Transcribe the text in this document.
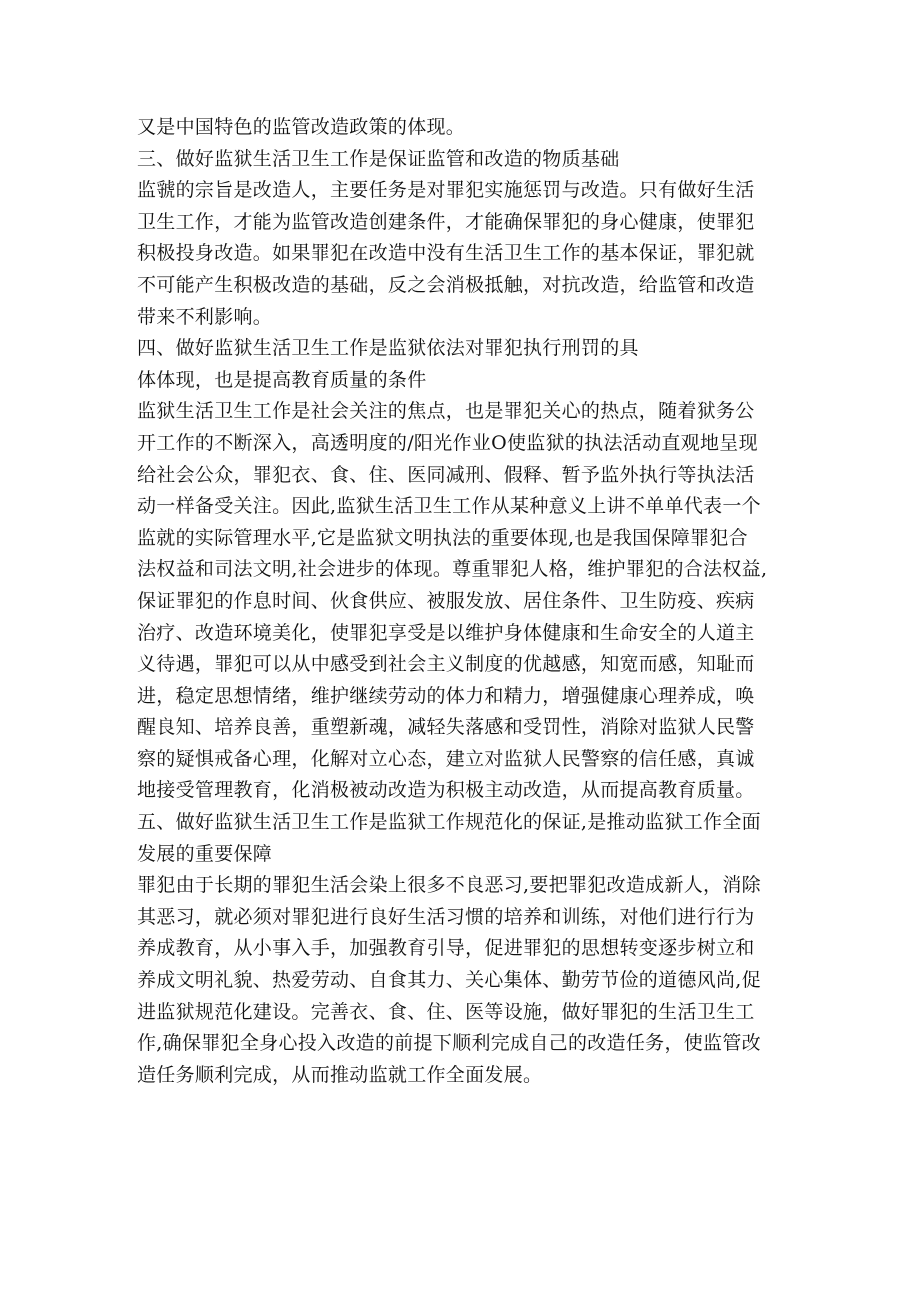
又是中国特色的监管改造政策的体现。
三、做好监狱生活卫生工作是保证监管和改造的物质基础
监虢的宗旨是改造人，主要任务是对罪犯实施惩罚与改造。只有做好生活
卫生工作，才能为监管改造创建条件，才能确保罪犯的身心健康，使罪犯
积极投身改造。如果罪犯在改造中没有生活卫生工作的基本保证，罪犯就
不可能产生积极改造的基础，反之会消极抵触，对抗改造，给监管和改造
带来不利影响。
四、做好监狱生活卫生工作是监狱依法对罪犯执行刑罚的具
体体现，也是提高教育质量的条件
监狱生活卫生工作是社会关注的焦点，也是罪犯关心的热点，随着狱务公
开工作的不断深入，高透明度的/阳光作业O使监狱的执法活动直观地呈现
给社会公众，罪犯衣、食、住、医同减刑、假释、暂予监外执行等执法活
动一样备受关注。因此,监狱生活卫生工作从某种意义上讲不单单代表一个
监就的实际管理水平,它是监狱文明执法的重要体现,也是我国保障罪犯合
法权益和司法文明,社会进步的体现。尊重罪犯人格，维护罪犯的合法权益,
保证罪犯的作息时间、伙食供应、被服发放、居住条件、卫生防疫、疾病
治疗、改造环境美化，使罪犯享受是以维护身体健康和生命安全的人道主
义待遇，罪犯可以从中感受到社会主义制度的优越感，知宽而感，知耻而
进，稳定思想情绪，维护继续劳动的体力和精力，增强健康心理养成，唤
醒良知、培养良善，重塑新魂，减轻失落感和受罚性，消除对监狱人民警
察的疑惧戒备心理，化解对立心态，建立对监狱人民警察的信任感，真诚
地接受管理教育，化消极被动改造为积极主动改造，从而提高教育质量。
五、做好监狱生活卫生工作是监狱工作规范化的保证,是推动监狱工作全面
发展的重要保障
罪犯由于长期的罪犯生活会染上很多不良恶习,要把罪犯改造成新人，消除
其恶习，就必须对罪犯进行良好生活习惯的培养和训练，对他们进行行为
养成教育，从小事入手，加强教育引导，促进罪犯的思想转变逐步树立和
养成文明礼貌、热爱劳动、自食其力、关心集体、勤劳节俭的道德风尚,促
进监狱规范化建设。完善衣、食、住、医等设施，做好罪犯的生活卫生工
作,确保罪犯全身心投入改造的前提下顺利完成自己的改造任务，使监管改
造任务顺利完成，从而推动监就工作全面发展。
